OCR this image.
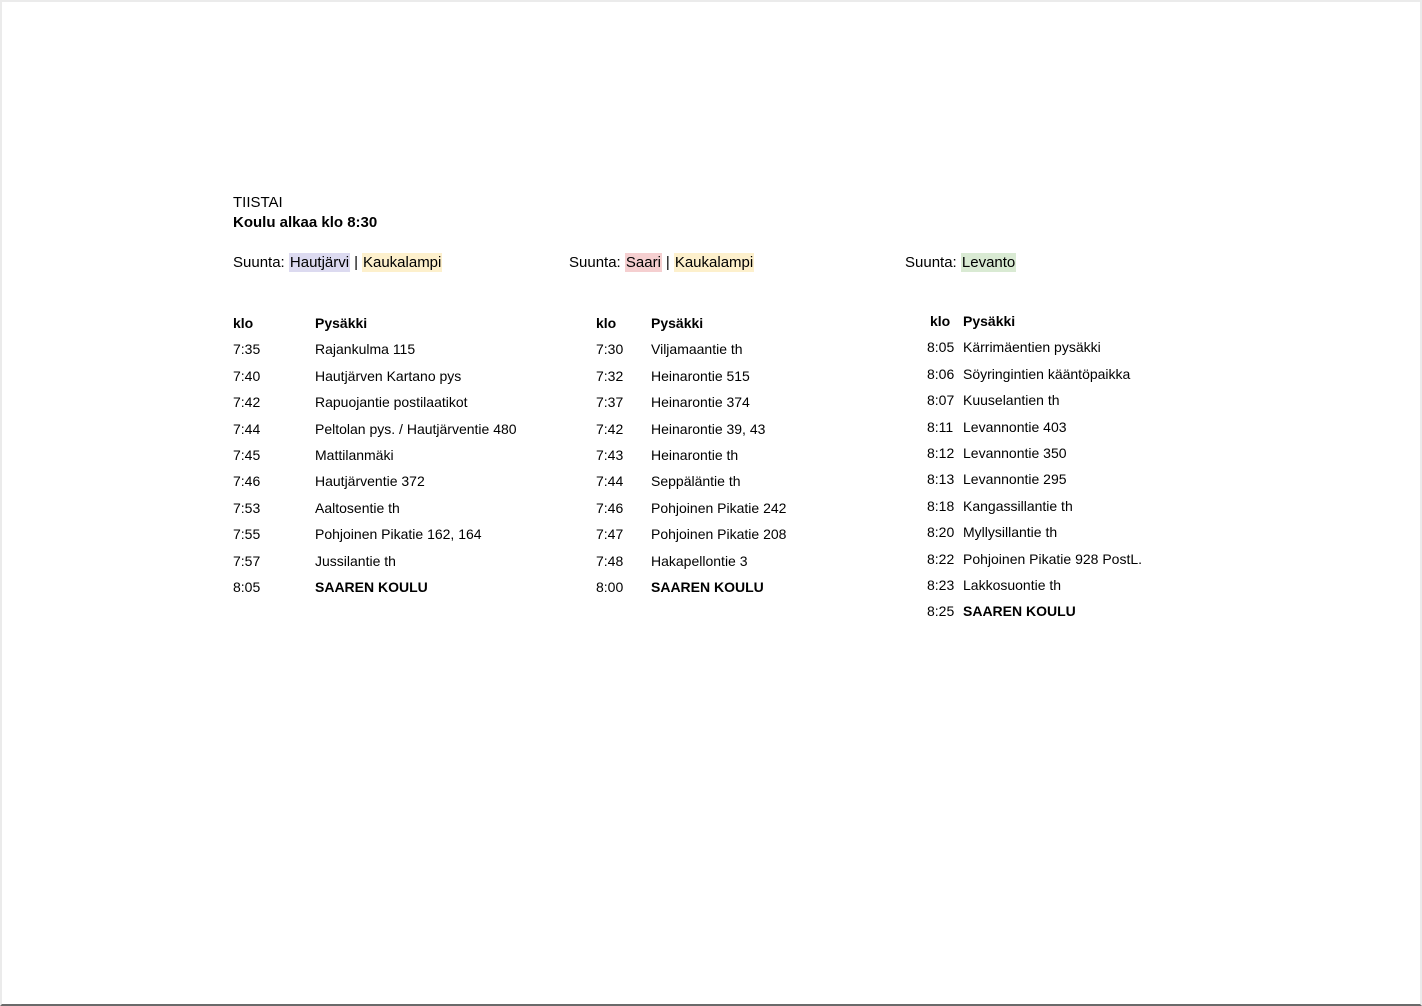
TIISTAI
Koulu alkaa klo 8:30
Suunta: Hautjärvi | Kaukalampi	Suunta: Saari | Kaukalampi	Suunta: Levanto
klo	Pysäkki
7:35	Rajankulma 115
7:40	Hautjärven Kartano pys
7:42	Rapuojantie postilaatikot
7:44	Peltolan pys. / Hautjärventie 480
7:45	Mattilanmäki
7:46	Hautjärventie 372
7:53	Aaltosentie th
7:55	Pohjoinen Pikatie 162, 164
7:57	Jussilantie th
8:05	SAAREN KOULU
klo Pysäkki
7:30 Viljamaantie th
7:32 Heinarontie 515
7:37 Heinarontie 374
7:42 Heinarontie 39, 43
7:43 Heinarontie th
7:44 Seppäläntie th
7:46 Pohjoinen Pikatie 242
7:47 Pohjoinen Pikatie 208
7:48 Hakapellontie 3
8:00 SAAREN KOULU
klo Pysäkki
8:05 Kärrimäentien pysäkki
8:06 Söyringintien kääntöpaikka
8:07 Kuuselantien th
8:11 Levannontie 403
8:12 Levannontie 350
8:13 Levannontie 295
8:18 Kangassillantie th
8:20 Myllysillantie th
8:22 Pohjoinen Pikatie 928 PostL.
8:23 Lakkosuontie th
8:25 SAAREN KOULU
